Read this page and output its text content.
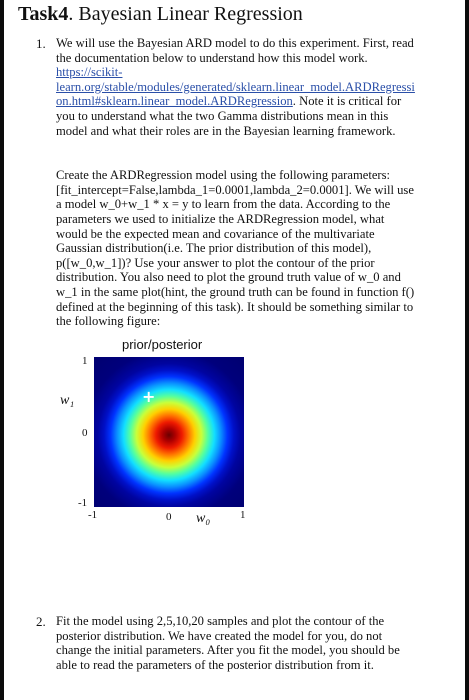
Task4. Bayesian Linear Regression
1. We will use the Bayesian ARD model to do this experiment. First, read the documentation below to understand how this model work. https://scikit-learn.org/stable/modules/generated/sklearn.linear_model.ARDRegression.html#sklearn.linear_model.ARDRegression. Note it is critical for you to understand what the two Gamma distributions mean in this model and what their roles are in the Bayesian learning framework.

Create the ARDRegression model using the following parameters: [fit_intercept=False,lambda_1=0.0001,lambda_2=0.0001]. We will use a model w_0+w_1 * x = y to learn from the data. According to the parameters we used to initialize the ARDRegression model, what would be the expected mean and covariance of the multivariate Gaussian distribution(i.e. The prior distribution of this model), p([w_0,w_1])? Use your answer to plot the contour of the prior distribution. You also need to plot the ground truth value of w_0 and w_1 in the same plot(hint, the ground truth can be found in function f() defined at the beginning of this task). It should be something similar to the following figure:

prior/posterior
+
1
0
-1
w₁
-1	0	1
w₀
2. Fit the model using 2,5,10,20 samples and plot the contour of the posterior distribution. We have created the model for you, do not change the initial parameters. After you fit the model, you should be able to read the parameters of the posterior distribution from it.
